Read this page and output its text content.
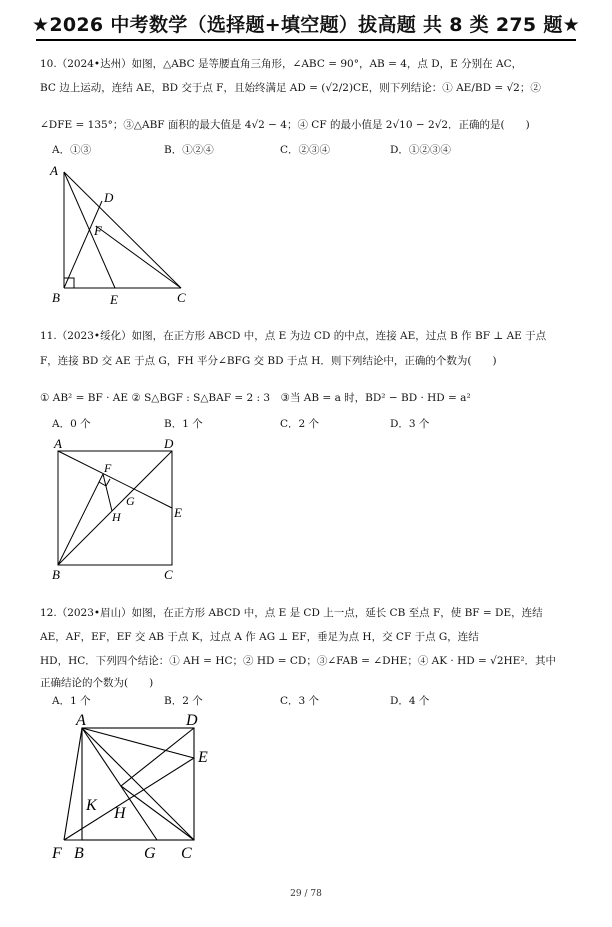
★2026 中考数学（选择题+填空题）拔高题 共 8 类 275 题★
10.（2024•达州）如图，△ABC 是等腰直角三角形，∠ABC = 90°，AB = 4，点 D，E 分别在 AC，
BC 边上运动，连结 AE，BD 交于点 F，且始终满足 AD = (√2/2)CE，则下列结论：① AE/BD = √2；②
∠DFE = 135°；③△ABF 面积的最大值是 4√2 − 4；④ CF 的最小值是 2√10 − 2√2．正确的是(　　)
A．①③	B．①②④	C．②③④	D．①②③④
A
D
F
B	E	C
11.（2023•绥化）如图，在正方形 ABCD 中，点 E 为边 CD 的中点，连接 AE，过点 B 作 BF ⊥ AE 于点
F，连接 BD 交 AE 于点 G，FH 平分∠BFG 交 BD 于点 H．则下列结论中，正确的个数为(　　)
① AB² = BF · AE ② S△BGF : S△BAF = 2 : 3　③当 AB = a 时，BD² − BD · HD = a²
A．0 个	B．1 个	C．2 个	D．3 个
A	D
F
G
H	E
B	C
12.（2023•眉山）如图，在正方形 ABCD 中，点 E 是 CD 上一点，延长 CB 至点 F，使 BF = DE，连结
AE，AF，EF，EF 交 AB 于点 K，过点 A 作 AG ⊥ EF，垂足为点 H，交 CF 于点 G，连结
HD，HC．下列四个结论：① AH = HC；② HD = CD；③∠FAB = ∠DHE；④ AK · HD = √2HE²．其中
正确结论的个数为(　　)
A．1 个	B．2 个	C．3 个	D．4 个
A	D
E
K H
F B	G C
29 / 78
